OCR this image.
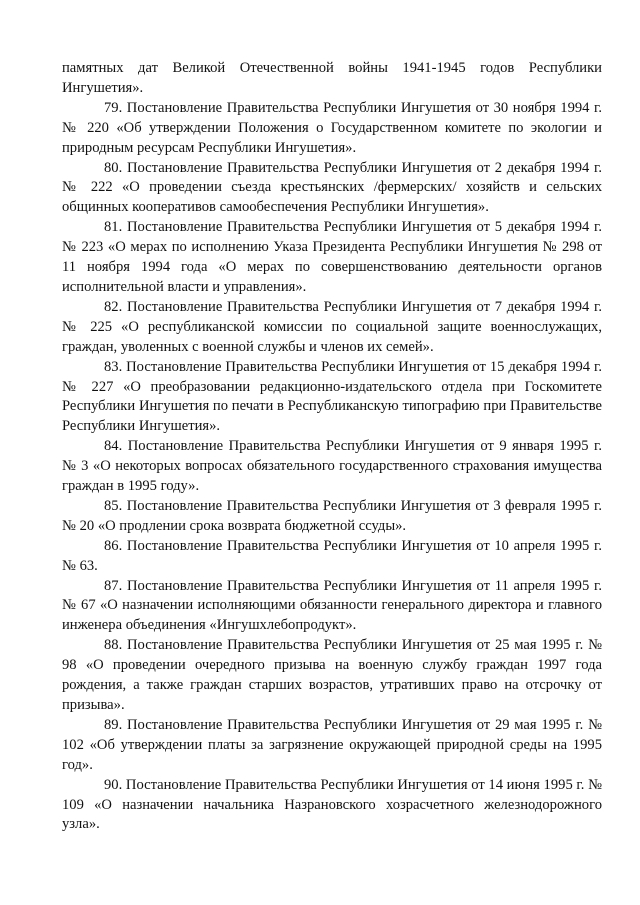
памятных дат Великой Отечественной войны 1941-1945 годов Республики Ингушетия».

79. Постановление Правительства Республики Ингушетия от 30 ноября 1994 г. № 220 «Об утверждении Положения о Государственном комитете по экологии и природным ресурсам Республики Ингушетия».

80. Постановление Правительства Республики Ингушетия от 2 декабря 1994 г. № 222 «О проведении съезда крестьянских /фермерских/ хозяйств и сельских общинных кооперативов самообеспечения Республики Ингушетия».

81. Постановление Правительства Республики Ингушетия от 5 декабря 1994 г. № 223 «О мерах по исполнению Указа Президента Республики Ингушетия № 298 от 11 ноября 1994 года «О мерах по совершенствованию деятельности органов исполнительной власти и управления».

82. Постановление Правительства Республики Ингушетия от 7 декабря 1994 г. № 225 «О республиканской комиссии по социальной защите военнослужащих, граждан, уволенных с военной службы и членов их семей».

83. Постановление Правительства Республики Ингушетия от 15 декабря 1994 г. № 227 «О преобразовании редакционно-издательского отдела при Госкомитете Республики Ингушетия по печати в Республиканскую типографию при Правительстве Республики Ингушетия».

84. Постановление Правительства Республики Ингушетия от 9 января 1995 г. № 3 «О некоторых вопросах обязательного государственного страхования имущества граждан в 1995 году».

85. Постановление Правительства Республики Ингушетия от 3 февраля 1995 г. № 20 «О продлении срока возврата бюджетной ссуды».

86. Постановление Правительства Республики Ингушетия от 10 апреля 1995 г. № 63.

87. Постановление Правительства Республики Ингушетия от 11 апреля 1995 г. № 67 «О назначении исполняющими обязанности генерального директора и главного инженера объединения «Ингушхлебопродукт».

88. Постановление Правительства Республики Ингушетия от 25 мая 1995 г. № 98 «О проведении очередного призыва на военную службу граждан 1997 года рождения, а также граждан старших возрастов, утративших право на отсрочку от призыва».

89. Постановление Правительства Республики Ингушетия от 29 мая 1995 г. № 102 «Об утверждении платы за загрязнение окружающей природной среды на 1995 год».

90. Постановление Правительства Республики Ингушетия от 14 июня 1995 г. № 109 «О назначении начальника Назрановского хозрасчетного железнодорожного узла».
